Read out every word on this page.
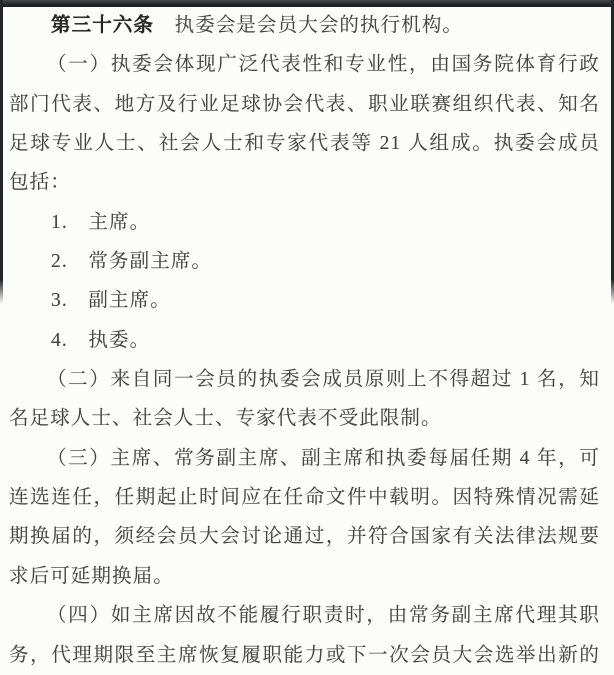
第三十六条　执委会是会员大会的执行机构。
（一）执委会体现广泛代表性和专业性，由国务院体育行政
部门代表、地方及行业足球协会代表、职业联赛组织代表、知名
足球专业人士、社会人士和专家代表等 21 人组成。执委会成员
包括：
1.　主席。
2.　常务副主席。
3.　副主席。
4.　执委。
（二）来自同一会员的执委会成员原则上不得超过 1 名，知
名足球人士、社会人士、专家代表不受此限制。
（三）主席、常务副主席、副主席和执委每届任期 4 年，可
连选连任，任期起止时间应在任命文件中载明。因特殊情况需延
期换届的，须经会员大会讨论通过，并符合国家有关法律法规要
求后可延期换届。
（四）如主席因故不能履行职责时，由常务副主席代理其职
务，代理期限至主席恢复履职能力或下一次会员大会选举出新的
